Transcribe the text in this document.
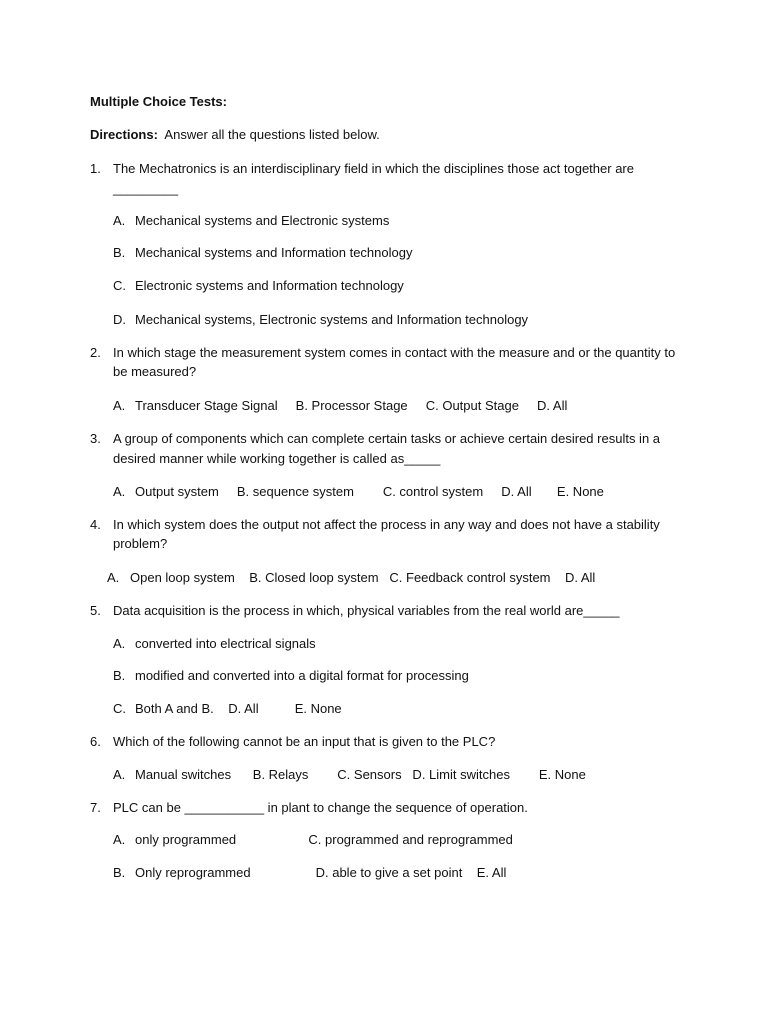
Multiple Choice Tests:
Directions: Answer all the questions listed below.
1. The Mechatronics is an interdisciplinary field in which the disciplines those act together are
_________
A. Mechanical systems and Electronic systems
B. Mechanical systems and Information technology
C. Electronic systems and Information technology
D. Mechanical systems, Electronic systems and Information technology
2. In which stage the measurement system comes in contact with the measure and or the quantity to
be measured?
A. Transducer Stage Signal     B. Processor Stage     C. Output Stage     D. All
3. A group of components which can complete certain tasks or achieve certain desired results in a
desired manner while working together is called as_____
A. Output system     B. sequence system        C. control system     D. All       E. None
4. In which system does the output not affect the process in any way and does not have a stability
problem?
A. Open loop system    B. Closed loop system   C. Feedback control system    D. All
5. Data acquisition is the process in which, physical variables from the real world are_____
A. converted into electrical signals
B. modified and converted into a digital format for processing
C. Both A and B.    D. All          E. None
6. Which of the following cannot be an input that is given to the PLC?
A. Manual switches      B. Relays        C. Sensors   D. Limit switches        E. None
7. PLC can be ___________ in plant to change the sequence of operation.
A. only programmed                    C. programmed and reprogrammed
B. Only reprogrammed                  D. able to give a set point    E. All
